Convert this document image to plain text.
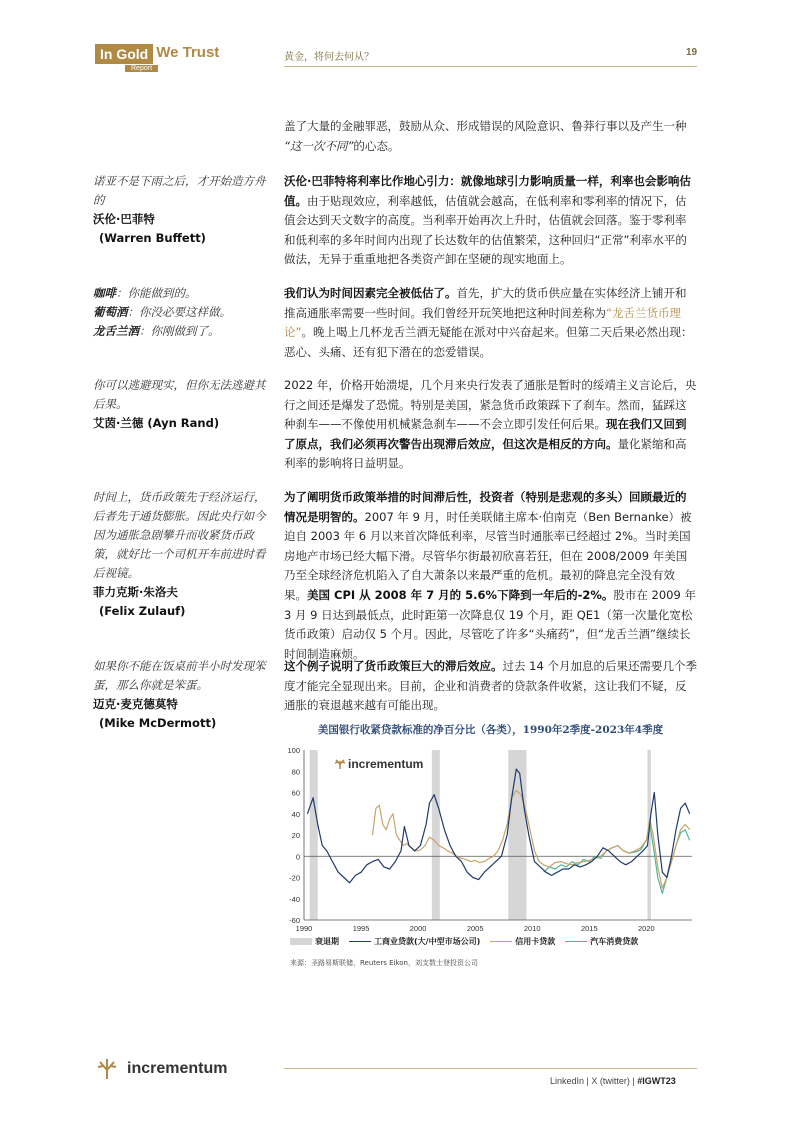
In Gold We Trust
Report
黄金，将何去何从？	19
盖了大量的金融罪恶，鼓励从众、形成错误的风险意识、鲁莽行事以及产生一种
“这一次不同”的心态。
诺亚不是下雨之后，才开始造方舟的
沃伦·巴菲特
(Warren Buffett)
沃伦·巴菲特将利率比作地心引力：就像地球引力影响质量一样，利率也会影响估值。由于贴现效应，利率越低，估值就会越高，在低利率和零利率的情况下，估值会达到天文数字的高度。当利率开始再次上升时，估值就会回落。鉴于零利率和低利率的多年时间内出现了长达数年的估值繁荣，这种回归“正常”利率水平的做法，无异于重重地把各类资产卸在坚硬的现实地面上。
咖啡：你能做到的。
葡萄酒：你没必要这样做。
龙舌兰酒：你刚做到了。
我们认为时间因素完全被低估了。首先，扩大的货币供应量在实体经济上铺开和推高通胀率需要一些时间。我们曾经开玩笑地把这种时间差称为“龙舌兰货币理论”。晚上喝上几杯龙舌兰酒无疑能在派对中兴奋起来。但第二天后果必然出现：恶心、头痛、还有犯下潜在的恋爱错误。
你可以逃避现实，但你无法逃避其后果。
艾茵·兰德 (Ayn Rand)
2022 年，价格开始溃堤，几个月来央行发表了通胀是暂时的绥靖主义言论后，央行之间还是爆发了恐慌。特别是美国，紧急货币政策踩下了刹车。然而，猛踩这种刹车——不像使用机械紧急刹车——不会立即引发任何后果。现在我们又回到了原点，我们必须再次警告出现滞后效应，但这次是相反的方向。量化紧缩和高利率的影响将日益明显。
时间上，货币政策先于经济运行，后者先于通货膨胀。因此央行如今因为通胀急剧攀升而收紧货币政策，就好比一个司机开车前进时看后视镜。
菲力克斯·朱洛夫
(Felix Zulauf)
为了阐明货币政策举措的时间滞后性，投资者（特别是悲观的多头）回顾最近的情况是明智的。2007 年 9 月，时任美联储主席本·伯南克（Ben Bernanke）被迫自 2003 年 6 月以来首次降低利率，尽管当时通胀率已经超过 2%。当时美国房地产市场已经大幅下滑。尽管华尔街最初欣喜若狂，但在 2008/2009 年美国乃至全球经济危机陷入了自大萧条以来最严重的危机。最初的降息完全没有效果。美国 CPI 从 2008 年 7 月的 5.6%下降到一年后的-2%。股市在 2009 年 3 月 9 日达到最低点，此时距第一次降息仅 19 个月，距 QE1（第一次量化宽松货币政策）启动仅 5 个月。因此，尽管吃了许多“头痛药”，但“龙舌兰酒”继续长时间制造麻烦。
如果你不能在饭桌前半小时发现笨蛋，那么你就是笨蛋。
迈克·麦克德莫特
(Mike McDermott)
这个例子说明了货币政策巨大的滞后效应。过去 14 个月加息的后果还需要几个季度才能完全显现出来。目前，企业和消费者的贷款条件收紧，这让我们不疑，反通胀的衰退越来越有可能出现。
美国银行收紧贷款标准的净百分比（各类），1990年2季度-2023年4季度
100
80
60
40
20
0
-20
-40
-60
1990	1995	2000	2005	2010	2015	2020
incrementum
衰退期	工商业贷款(大/中型市场公司)	信用卡贷款	汽车消费贷款
来源：圣路易斯联储，Reuters Eikon，刘支数士登投资公司
incrementum
LinkedIn | X (twitter) | #IGWT23
